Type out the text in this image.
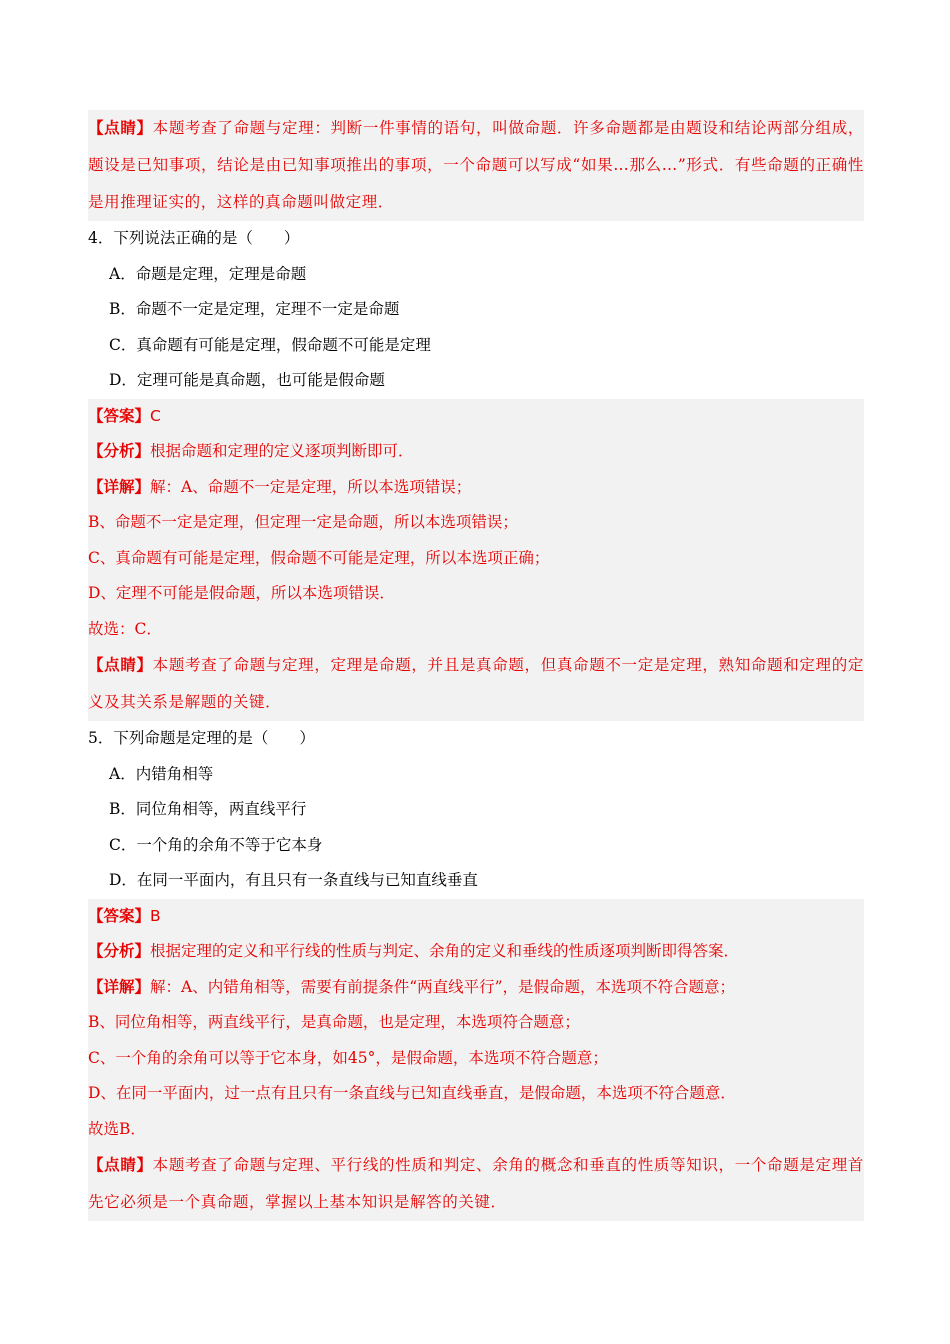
【点睛】本题考查了命题与定理：判断一件事情的语句，叫做命题．许多命题都是由题设和结论两部分组成，题设是已知事项，结论是由已知事项推出的事项，一个命题可以写成“如果…那么…”形式．有些命题的正确性是用推理证实的，这样的真命题叫做定理．
4．下列说法正确的是（　　）
A．命题是定理，定理是命题
B．命题不一定是定理，定理不一定是命题
C．真命题有可能是定理，假命题不可能是定理
D．定理可能是真命题，也可能是假命题
【答案】C
【分析】根据命题和定理的定义逐项判断即可．
【详解】解：A、命题不一定是定理，所以本选项错误；
B、命题不一定是定理，但定理一定是命题，所以本选项错误；
C、真命题有可能是定理，假命题不可能是定理，所以本选项正确；
D、定理不可能是假命题，所以本选项错误．
故选：C．
【点睛】本题考查了命题与定理，定理是命题，并且是真命题，但真命题不一定是定理，熟知命题和定理的定义及其关系是解题的关键．
5．下列命题是定理的是（　　）
A．内错角相等
B．同位角相等，两直线平行
C．一个角的余角不等于它本身
D．在同一平面内，有且只有一条直线与已知直线垂直
【答案】B
【分析】根据定理的定义和平行线的性质与判定、余角的定义和垂线的性质逐项判断即得答案．
【详解】解：A、内错角相等，需要有前提条件“两直线平行”，是假命题，本选项不符合题意；
B、同位角相等，两直线平行，是真命题，也是定理，本选项符合题意；
C、一个角的余角可以等于它本身，如45°，是假命题，本选项不符合题意；
D、在同一平面内，过一点有且只有一条直线与已知直线垂直，是假命题，本选项不符合题意．
故选B．
【点睛】本题考查了命题与定理、平行线的性质和判定、余角的概念和垂直的性质等知识，一个命题是定理首先它必须是一个真命题，掌握以上基本知识是解答的关键．
